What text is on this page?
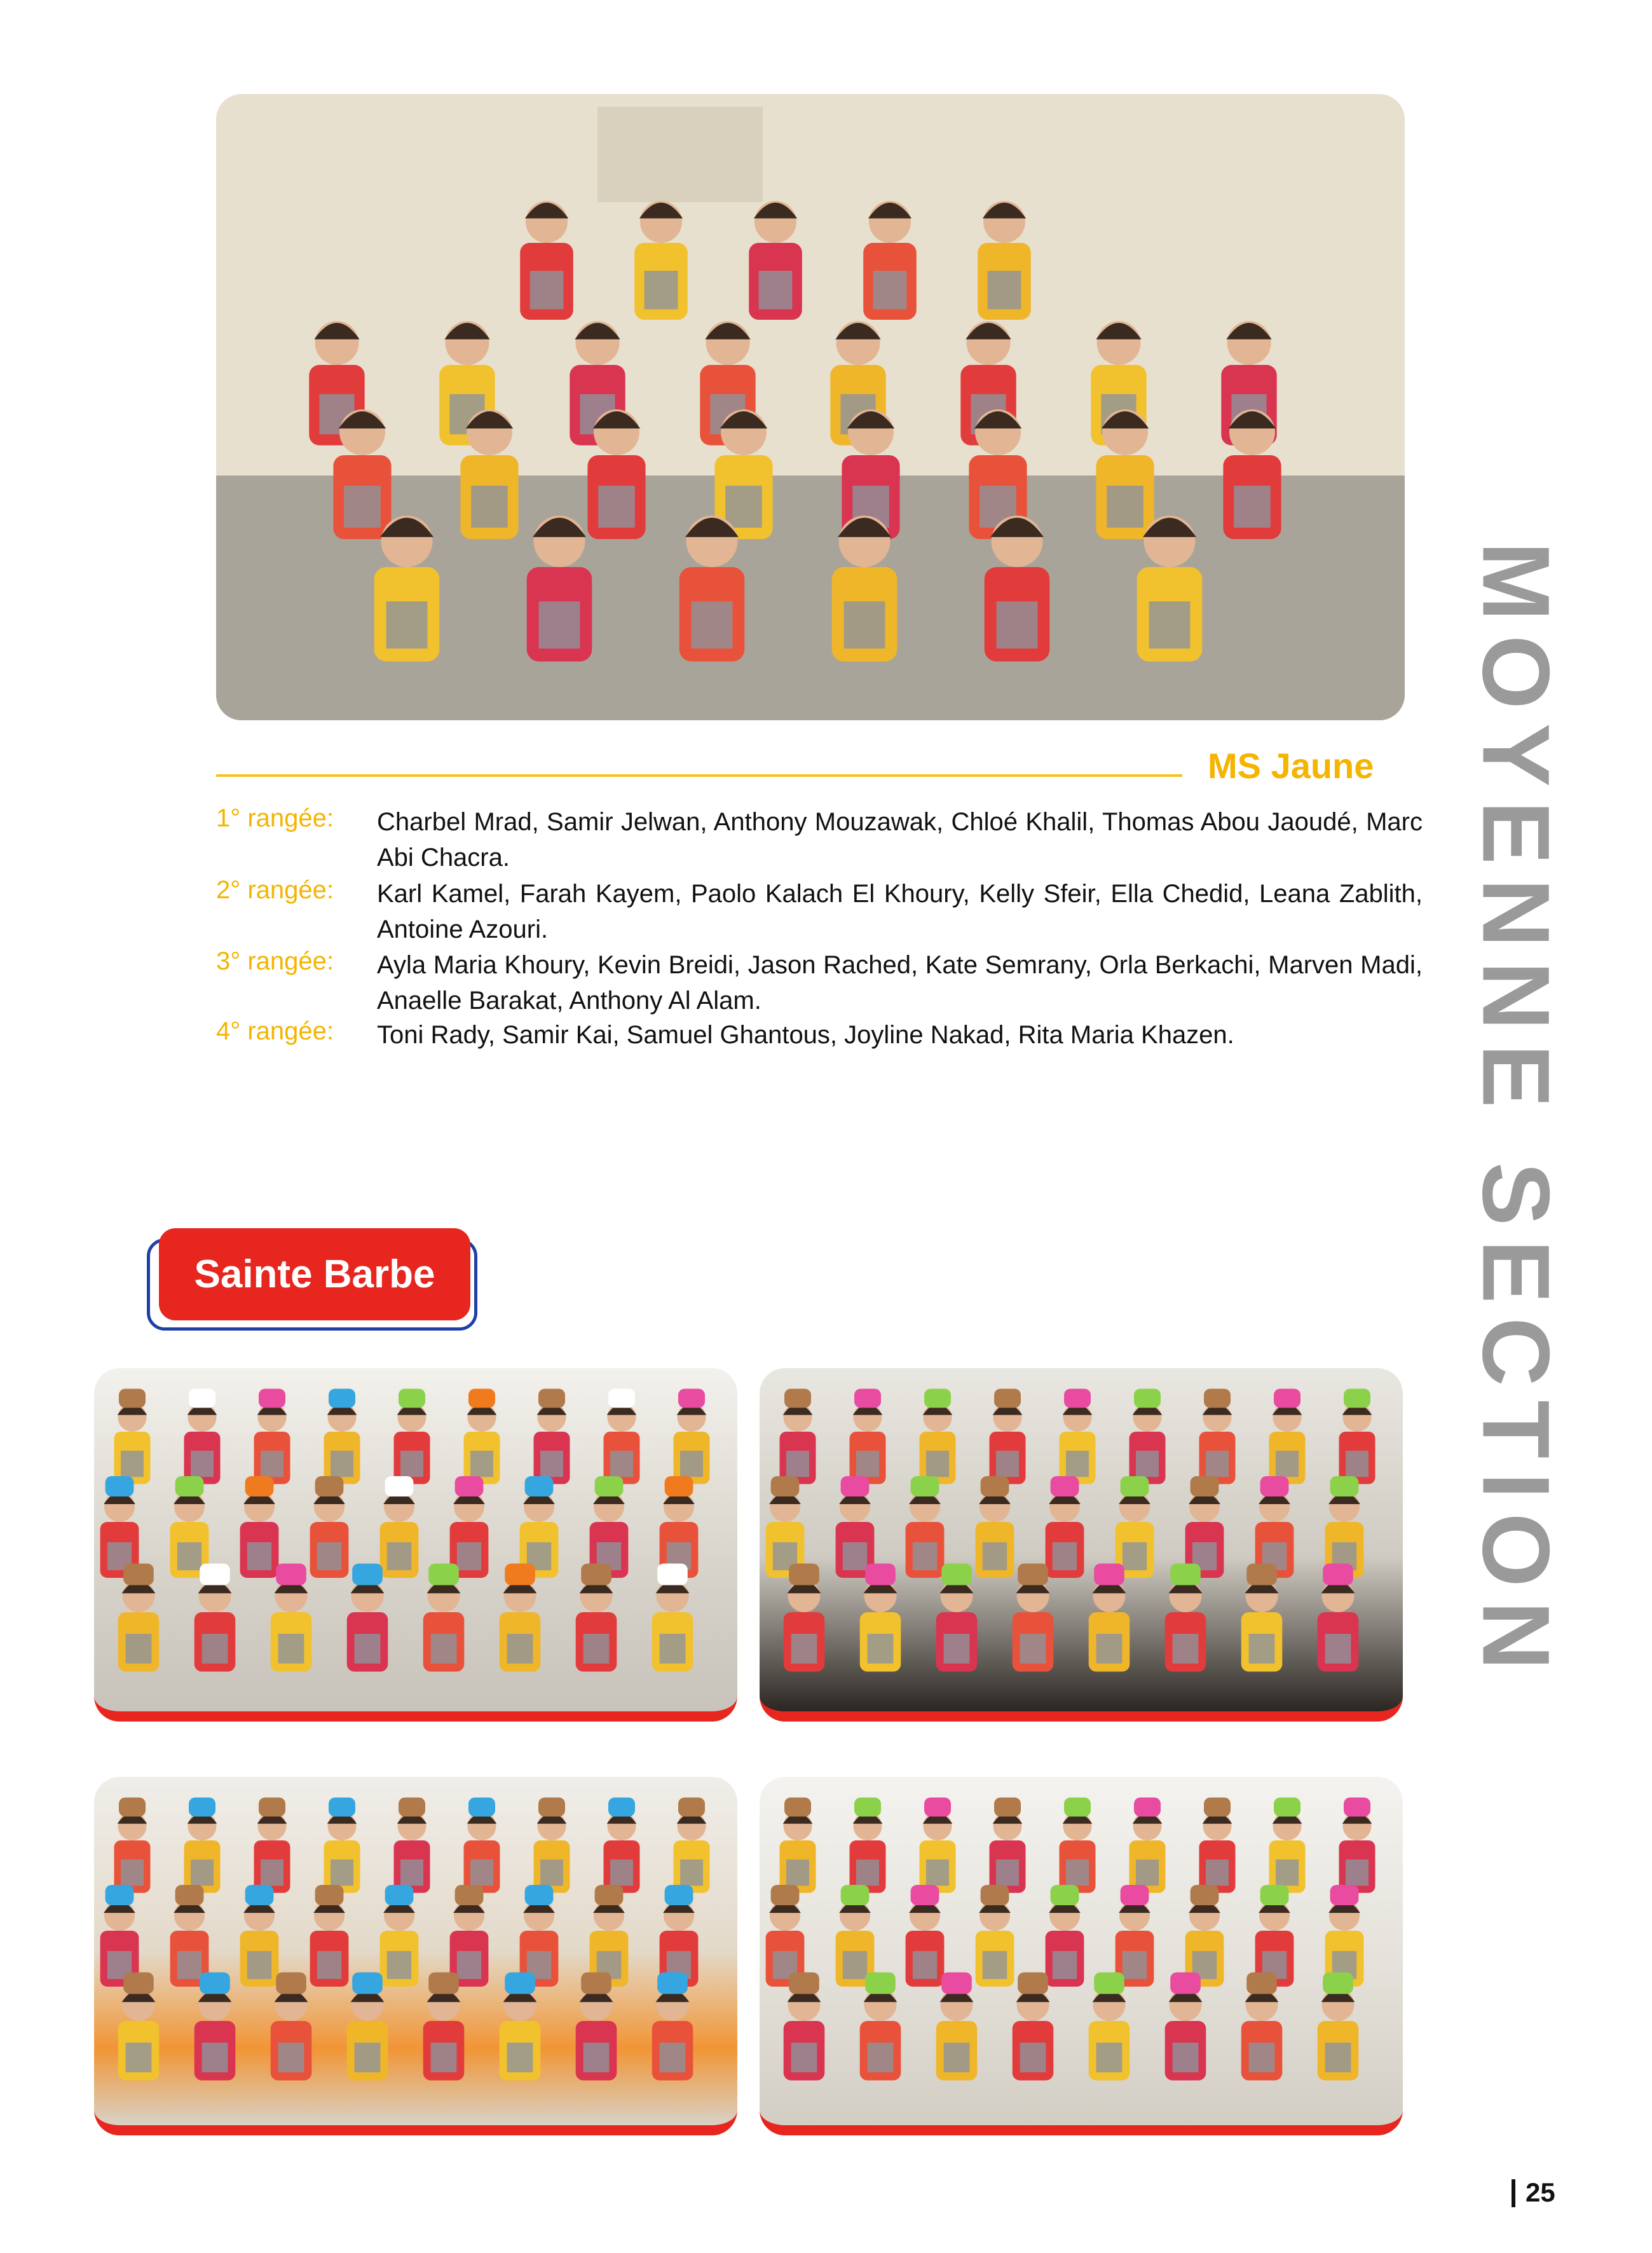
MS Jaune
1° rangée:	Charbel Mrad, Samir Jelwan, Anthony Mouzawak, Chloé Khalil, Thomas Abou Jaoudé, Marc Abi Chacra.
2° rangée:	Karl Kamel, Farah Kayem, Paolo Kalach El Khoury, Kelly Sfeir, Ella Chedid, Leana Zablith, Antoine Azouri.
3° rangée:	Ayla Maria Khoury, Kevin Breidi, Jason Rached, Kate Semrany, Orla Berkachi, Marven Madi, Anaelle Barakat, Anthony Al Alam.
4° rangée:	Toni Rady, Samir Kai, Samuel Ghantous, Joyline Nakad, Rita Maria Khazen.
Sainte Barbe	MOYENNE SECTION
25
